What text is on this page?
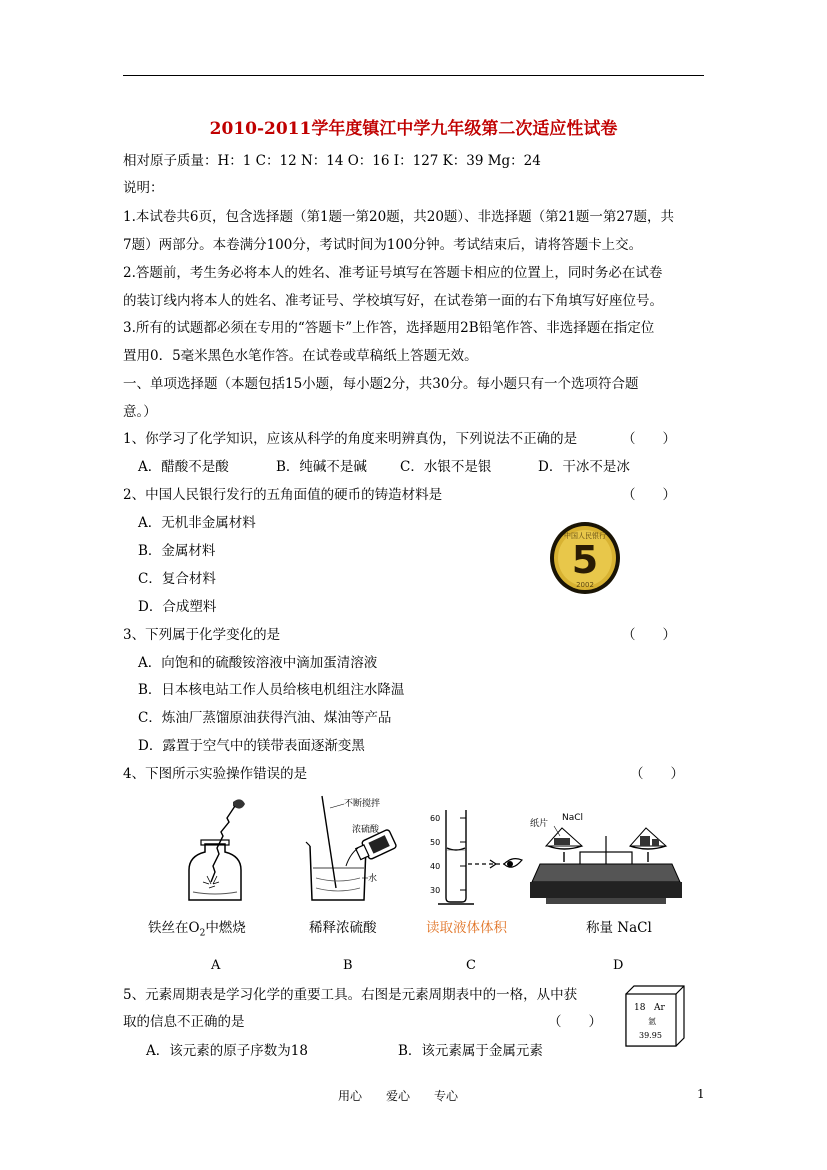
2010-2011学年度镇江中学九年级第二次适应性试卷
相对原子质量：H：1 C：12 N：14 O：16 I：127 K：39 Mg：24
说明：
1.本试卷共6页，包含选择题（第1题一第20题，共20题）、非选择题（第21题一第27题，共
7题）两部分。本卷满分100分，考试时间为100分钟。考试结束后，请将答题卡上交。
2.答题前，考生务必将本人的姓名、准考证号填写在答题卡相应的位置上，同时务必在试卷
的装订线内将本人的姓名、准考证号、学校填写好，在试卷第一面的右下角填写好座位号。
3.所有的试题都必须在专用的“答题卡”上作答，选择题用2B铅笔作答、非选择题在指定位
置用0．5毫米黑色水笔作答。在试卷或草稿纸上答题无效。
一、单项选择题（本题包括15小题，每小题2分，共30分。每小题只有一个选项符合题
意。）
1、你学习了化学知识，应该从科学的角度来明辨真伪，下列说法不正确的是	（　　）
A．醋酸不是酸	B．纯碱不是碱 C．水银不是银	D．干冰不是冰
2、中国人民银行发行的五角面值的硬币的铸造材料是	（　　）
A．无机非金属材料
B．金属材料
C．复合材料
D．合成塑料
中国人民银行
5
2002
3、下列属于化学变化的是	（　　）
A．向饱和的硫酸铵溶液中滴加蛋清溶液
B．日本核电站工作人员给核电机组注水降温
C．炼油厂蒸馏原油获得汽油、煤油等产品
D．露置于空气中的镁带表面逐渐变黑
4、下图所示实验操作错误的是	（　　）
不断搅拌
浓硫酸
水
60
50
40
30
纸片
NaCl
铁丝在$O_2$中燃烧	稀释浓硫酸	读取液体体积	称量 NaCl
A	B	C	D
5、元素周期表是学习化学的重要工具。右图是元素周期表中的一格，从中获
取的信息不正确的是	（　　）
A．该元素的原子序数为18	B．该元素属于金属元素
18 Ar
氩
39.95
用心　　爱心　　专心	1
